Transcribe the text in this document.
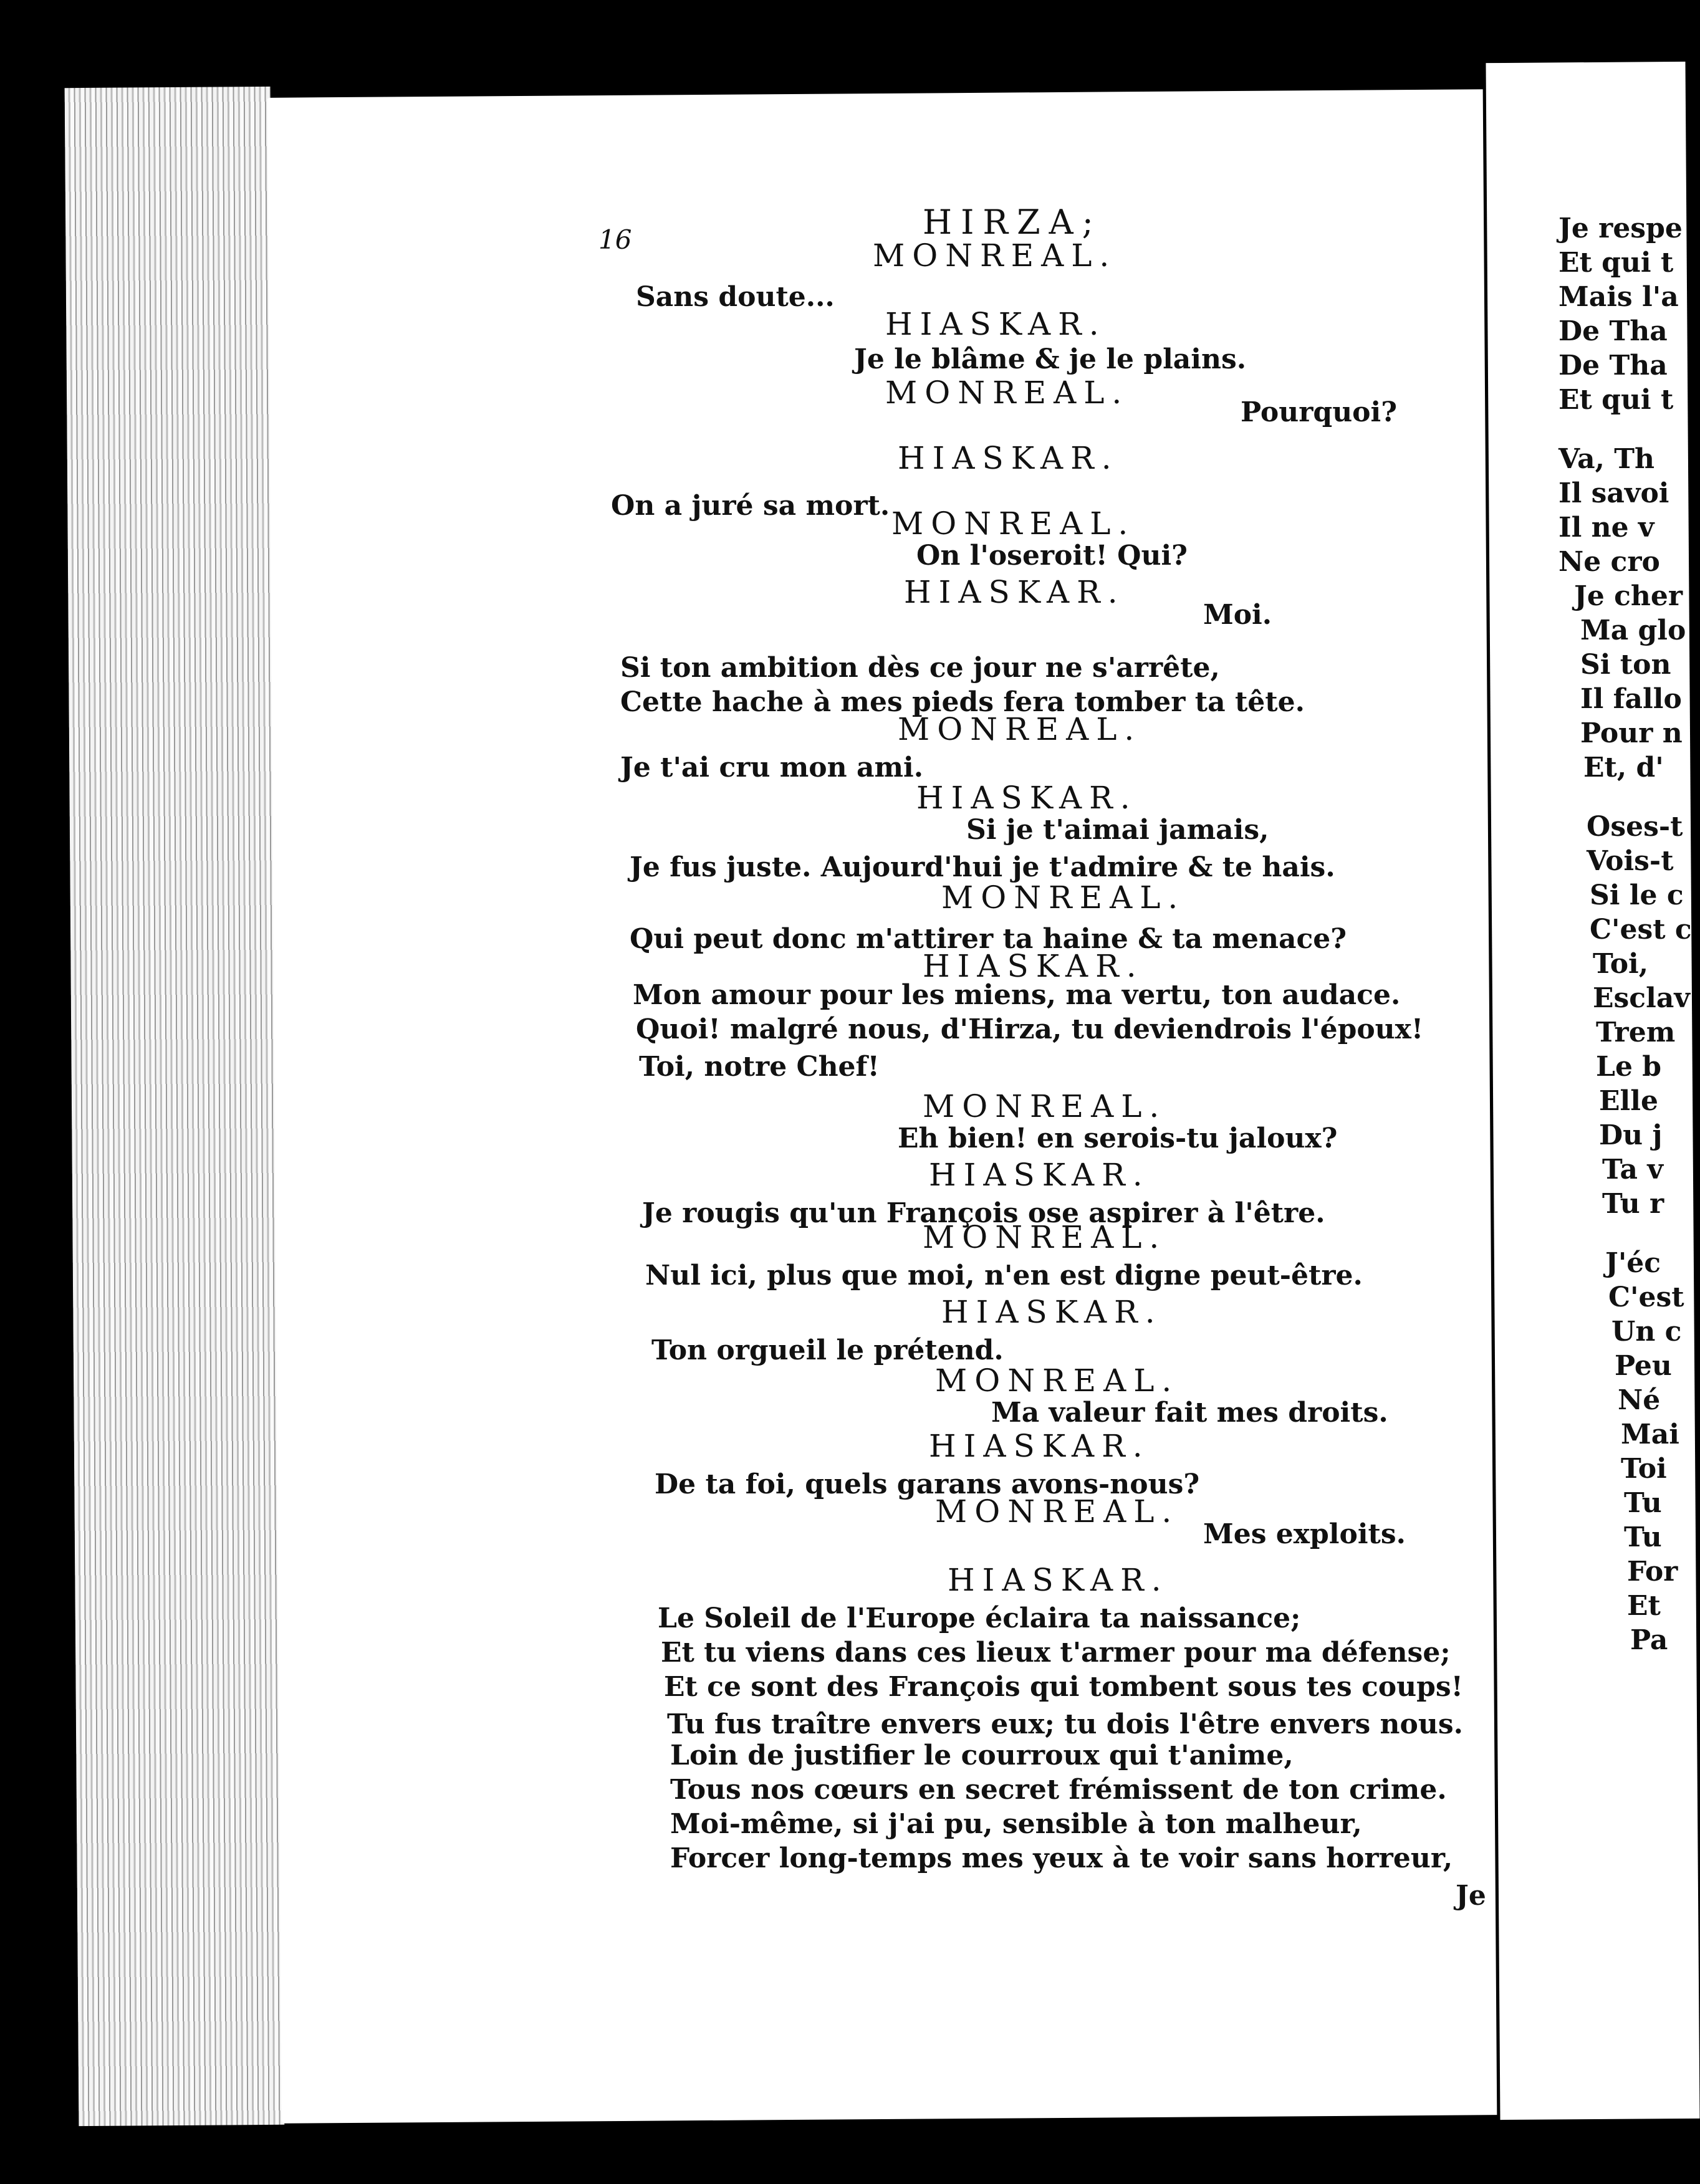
16	HIRZA;
MONREAL.
Sans doute...
HIASKAR.
Je le blâme & je le plains.
MONREAL.
Pourquoi?
HIASKAR.
On a juré sa mort. MONREAL.
On l'oseroit! Qui?
HIASKAR.
Moi.
Si ton ambition dès ce jour ne s'arrête,
Cette hache à mes pieds fera tomber ta tête.
MONREAL.
Je t'ai cru mon ami.
HIASKAR.
Si je t'aimai jamais,
Je fus juste. Aujourd'hui je t'admire & te hais.
MONREAL.
Qui peut donc m'attirer ta haine & ta menace?
HIASKAR.
Mon amour pour les miens, ma vertu, ton audace.
Quoi! malgré nous, d'Hirza, tu deviendrois l'époux!
Toi, notre Chef!
MONREAL.
Eh bien! en serois-tu jaloux?
HIASKAR.
Je rougis qu'un François ose aspirer à l'être.
MONREAL.
Nul ici, plus que moi, n'en est digne peut-être.
HIASKAR.
Ton orgueil le prétend.
MONREAL.
Ma valeur fait mes droits.
HIASKAR.
De ta foi, quels garans avons-nous?
MONREAL.
Mes exploits.
HIASKAR.
Le Soleil de l'Europe éclaira ta naissance;
Et tu viens dans ces lieux t'armer pour ma défense;
Et ce sont des François qui tombent sous tes coups!
Tu fus traître envers eux; tu dois l'être envers nous.
Loin de justifier le courroux qui t'anime,
Tous nos cœurs en secret frémissent de ton crime.
Moi-même, si j'ai pu, sensible à ton malheur,
Forcer long-temps mes yeux à te voir sans horreur,
Je respe
Et qui t
Mais l'a
De Tha
De Tha
Et qui t
Va, Th
Il savoi
Il ne v
Ne cro
Je cher
Ma glo
Si ton
Il fallo
Pour n
Et, d'
Oses-t
Vois-t
Si le c
C'est c
Toi,
Esclav
Trem
Le b
Elle
Du j
Ta v
Tu r
J'éc
C'est
Un c
Peu
Né
Mai
Toi
Tu
Tu
For
Et
Pa
Je
